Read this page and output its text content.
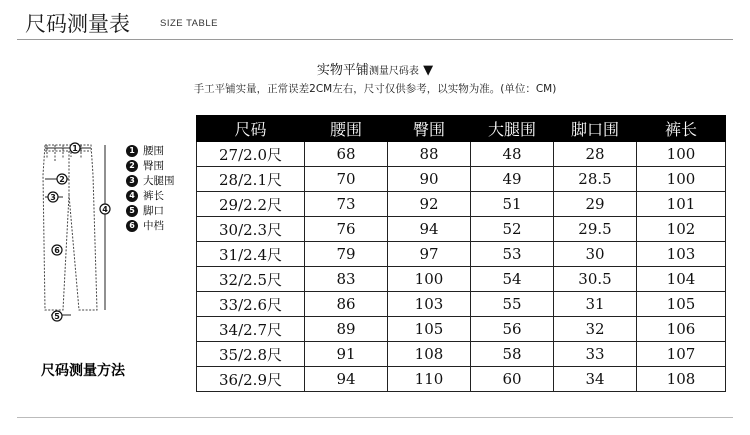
尺码测量表	SIZE TABLE
实物平铺测量尺码表 ▼
手工平铺实量，正常误差2CM左右，尺寸仅供参考，以实物为准。(单位：CM)
1
2
3
4
6
5
1 腰围
2 臀围
3 大腿围
4 裤长
5 脚口
6 中档
尺码测量方法
尺码	腰围	臀围	大腿围	脚口围	裤长
27/2.0尺	68	88	48	28	100
28/2.1尺	70	90	49	28.5	100
29/2.2尺	73	92	51	29	101
30/2.3尺	76	94	52	29.5	102
31/2.4尺	79	97	53	30	103
32/2.5尺	83	100	54	30.5	104
33/2.6尺	86	103	55	31	105
34/2.7尺	89	105	56	32	106
35/2.8尺	91	108	58	33	107
36/2.9尺	94	110	60	34	108
